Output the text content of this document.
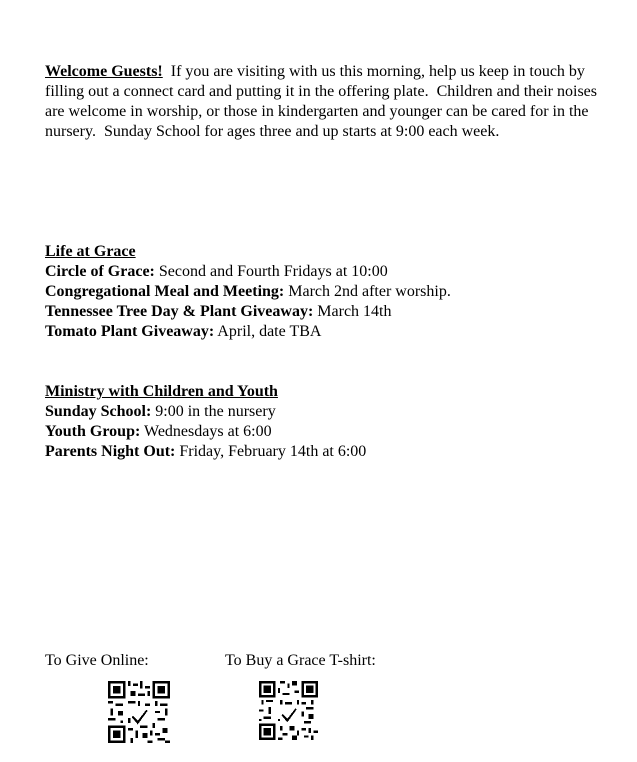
Welcome Guests!  If you are visiting with us this morning, help us keep in touch by filling out a connect card and putting it in the offering plate.  Children and their noises are welcome in worship, or those in kindergarten and younger can be cared for in the nursery.  Sunday School for ages three and up starts at 9:00 each week.
Life at Grace
Circle of Grace: Second and Fourth Fridays at 10:00
Congregational Meal and Meeting: March 2nd after worship.
Tennessee Tree Day & Plant Giveaway: March 14th
Tomato Plant Giveaway: April, date TBA
Ministry with Children and Youth
Sunday School: 9:00 in the nursery
Youth Group: Wednesdays at 6:00
Parents Night Out: Friday, February 14th at 6:00
To Give Online:	To Buy a Grace T-shirt:
